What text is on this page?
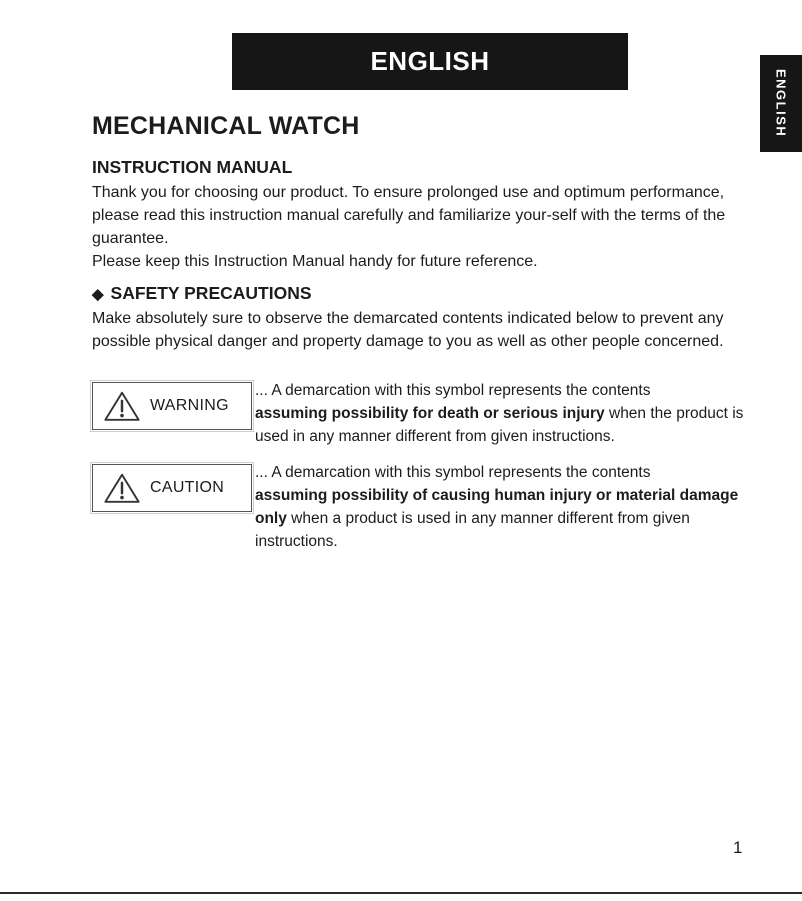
ENGLISH
ENGLISH
MECHANICAL WATCH
INSTRUCTION MANUAL

Thank you for choosing our product. To ensure prolonged use and optimum performance, please read this instruction manual carefully and familiarize your-self with the terms of the guarantee.

Please keep this Instruction Manual handy for future reference.

◆ SAFETY PRECAUTIONS

Make absolutely sure to observe the demarcated contents indicated below to prevent any possible physical danger and property damage to you as well as other people concerned.

WARNING
... A demarcation with this symbol represents the contents
assuming possibility for death or serious injury when the product is used in any manner different from given instructions.
CAUTION
... A demarcation with this symbol represents the contents
assuming possibility of causing human injury or material damage only when a product is used in any manner different from given instructions.
1
